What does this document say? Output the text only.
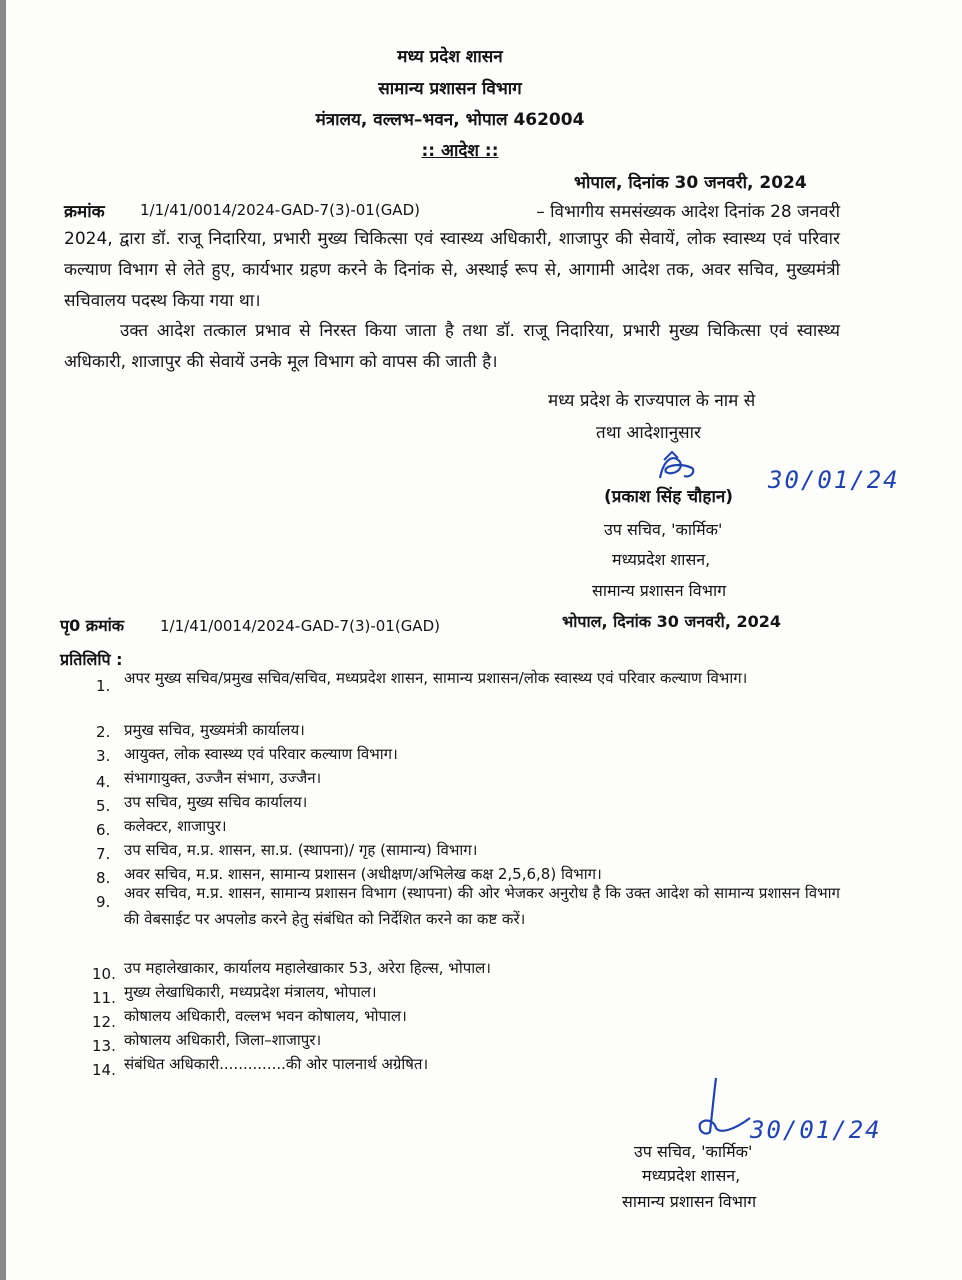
मध्य प्रदेश शासन
सामान्य प्रशासन विभाग
मंत्रालय, वल्लभ–भवन, भोपाल 462004
:: आदेश ::
भोपाल, दिनांक 30 जनवरी, 2024
क्रमांक 1/1/41/0014/2024-GAD-7(3)-01(GAD)	– विभागीय समसंख्यक आदेश दिनांक 28 जनवरी
2024, द्वारा डॉ. राजू निदारिया, प्रभारी मुख्य चिकित्सा एवं स्वास्थ्य अधिकारी, शाजापुर की सेवायें, लोक स्वास्थ्य एवं परिवार कल्याण विभाग से लेते हुए, कार्यभार ग्रहण करने के दिनांक से, अस्थाई रूप से, आगामी आदेश तक, अवर सचिव, मुख्यमंत्री सचिवालय पदस्थ किया गया था।
उक्त आदेश तत्काल प्रभाव से निरस्त किया जाता है तथा डॉ. राजू निदारिया, प्रभारी मुख्य चिकित्सा एवं स्वास्थ्य अधिकारी, शाजापुर की सेवायें उनके मूल विभाग को वापस की जाती है।
मध्य प्रदेश के राज्यपाल के नाम से
तथा आदेशानुसार
30/01/24
(प्रकाश सिंह चौहान)
उप सचिव, 'कार्मिक'
मध्यप्रदेश शासन,
सामान्य प्रशासन विभाग
पृ0 क्रमांक 1/1/41/0014/2024-GAD-7(3)-01(GAD)	भोपाल, दिनांक 30 जनवरी, 2024
प्रतिलिपि :
1. अपर मुख्य सचिव/प्रमुख सचिव/सचिव, मध्यप्रदेश शासन, सामान्य प्रशासन/लोक स्वास्थ्य एवं परिवार कल्याण विभाग।
2. प्रमुख सचिव, मुख्यमंत्री कार्यालय।
3. आयुक्त, लोक स्वास्थ्य एवं परिवार कल्याण विभाग।
4. संभागायुक्त, उज्जैन संभाग, उज्जैन।
5. उप सचिव, मुख्य सचिव कार्यालय।
6. कलेक्टर, शाजापुर।
7. उप सचिव, म.प्र. शासन, सा.प्र. (स्थापना)/ गृह (सामान्य) विभाग।
8. अवर सचिव, म.प्र. शासन, सामान्य प्रशासन (अधीक्षण/अभिलेख कक्ष 2,5,6,8) विभाग।
9. अवर सचिव, म.प्र. शासन, सामान्य प्रशासन विभाग (स्थापना) की ओर भेजकर अनुरोध है कि उक्त आदेश को सामान्य प्रशासन विभाग की वेबसाईट पर अपलोड करने हेतु संबंधित को निर्देशित करने का कष्ट करें।
10. उप महालेखाकार, कार्यालय महालेखाकार 53, अरेरा हिल्स, भोपाल।
11. मुख्य लेखाधिकारी, मध्यप्रदेश मंत्रालय, भोपाल।
12. कोषालय अधिकारी, वल्लभ भवन कोषालय, भोपाल।
13. कोषालय अधिकारी, जिला–शाजापुर।
14. संबंधित अधिकारी..............की ओर पालनार्थ अग्रेषित।
30/01/24
उप सचिव, 'कार्मिक'
मध्यप्रदेश शासन,
सामान्य प्रशासन विभाग
